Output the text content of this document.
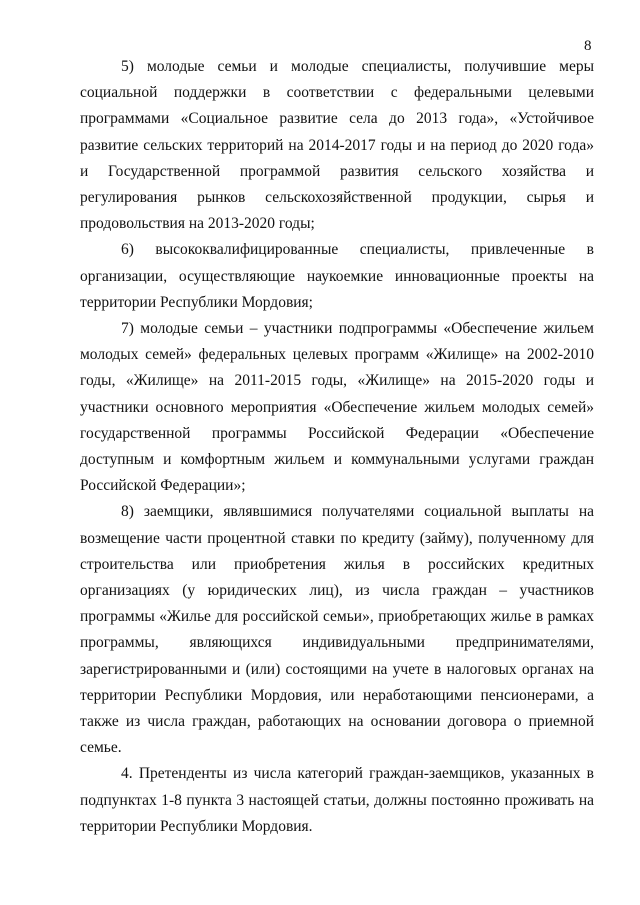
8

5) молодые семьи и молодые специалисты, получившие меры социальной поддержки в соответствии с федеральными целевыми программами «Социальное развитие села до 2013 года», «Устойчивое развитие сельских территорий на 2014-2017 годы и на период до 2020 года» и Государственной программой развития сельского хозяйства и регулирования рынков сельскохозяйственной продукции, сырья и продовольствия на 2013-2020 годы;

6) высококвалифицированные специалисты, привлеченные в организации, осуществляющие наукоемкие инновационные проекты на территории Республики Мордовия;

7) молодые семьи – участники подпрограммы «Обеспечение жильем молодых семей» федеральных целевых программ «Жилище» на 2002-2010 годы, «Жилище» на 2011-2015 годы, «Жилище» на 2015-2020 годы и участники основного мероприятия «Обеспечение жильем молодых семей» государственной программы Российской Федерации «Обеспечение доступным и комфортным жильем и коммунальными услугами граждан Российской Федерации»;

8) заемщики, являвшимися получателями социальной выплаты на возмещение части процентной ставки по кредиту (займу), полученному для строительства или приобретения жилья в российских кредитных организациях (у юридических лиц), из числа граждан – участников программы «Жилье для российской семьи», приобретающих жилье в рамках программы, являющихся индивидуальными предпринимателями, зарегистрированными и (или) состоящими на учете в налоговых органах на территории Республики Мордовия, или неработающими пенсионерами, а также из числа граждан, работающих на основании договора о приемной семье.

4. Претенденты из числа категорий граждан-заемщиков, указанных в подпунктах 1-8 пункта 3 настоящей статьи, должны постоянно проживать на территории Республики Мордовия.
